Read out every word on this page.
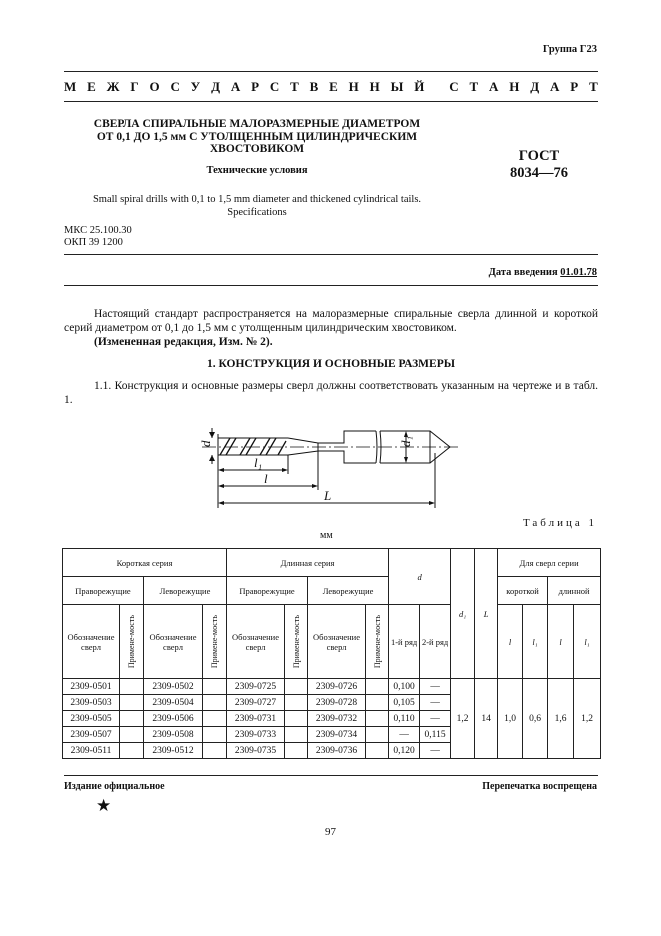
Группа Г23
М Е Ж Г О С У Д А Р С Т В Е Н Н Ы Й
С Т А Н Д А Р Т
СВЕРЛА СПИРАЛЬНЫЕ МАЛОРАЗМЕРНЫЕ ДИАМЕТРОМ
ОТ 0,1 ДО 1,5 мм С УТОЛЩЕННЫМ ЦИЛИНДРИЧЕСКИМ
ХВОСТОВИКОМ
Технические условия
ГОСТ
8034—76
Small spiral drills with 0,1 to 1,5 mm diameter and thickened cylindrical tails.
Specifications
МКС 25.100.30
ОКП 39 1200
Дата введения 01.01.78
Настоящий стандарт распространяется на малоразмерные спиральные сверла длинной и короткой серий диаметром от 0,1 до 1,5 мм с утолщенным цилиндрическим хвостовиком.
(Измененная редакция, Изм. № 2).
1. КОНСТРУКЦИЯ И ОСНОВНЫЕ РАЗМЕРЫ
1.1. Конструкция и основные размеры сверл должны соответствовать указанным на чертеже и в табл. 1.
d
l₁
l
L
d₁
Таблица 1
мм
Короткая серия				Длинная серия				d		d₁	L	Для сверл серии			
Праворежущие		Леворежущие		Праворежущие		Леворежущие						короткой		длинной	
Обозначение сверл	Примене-мость	Обозначение сверл	Примене-мость	Обозначение сверл	Примене-мость	Обозначение сверл	Примене-мость	1-й ряд	2-й ряд			l	l₁	l	l₁
2309-0501		2309-0502		2309-0725		2309-0726		0,100	—	1,2	14	1,0	0,6	1,6	1,2
2309-0503		2309-0504		2309-0727		2309-0728		0,105	—						
2309-0505		2309-0506		2309-0731		2309-0732		0,110	—						
2309-0507		2309-0508		2309-0733		2309-0734		—	0,115						
2309-0511		2309-0512		2309-0735		2309-0736		0,120	—						
Издание официальное	Перепечатка воспрещена
★
97
